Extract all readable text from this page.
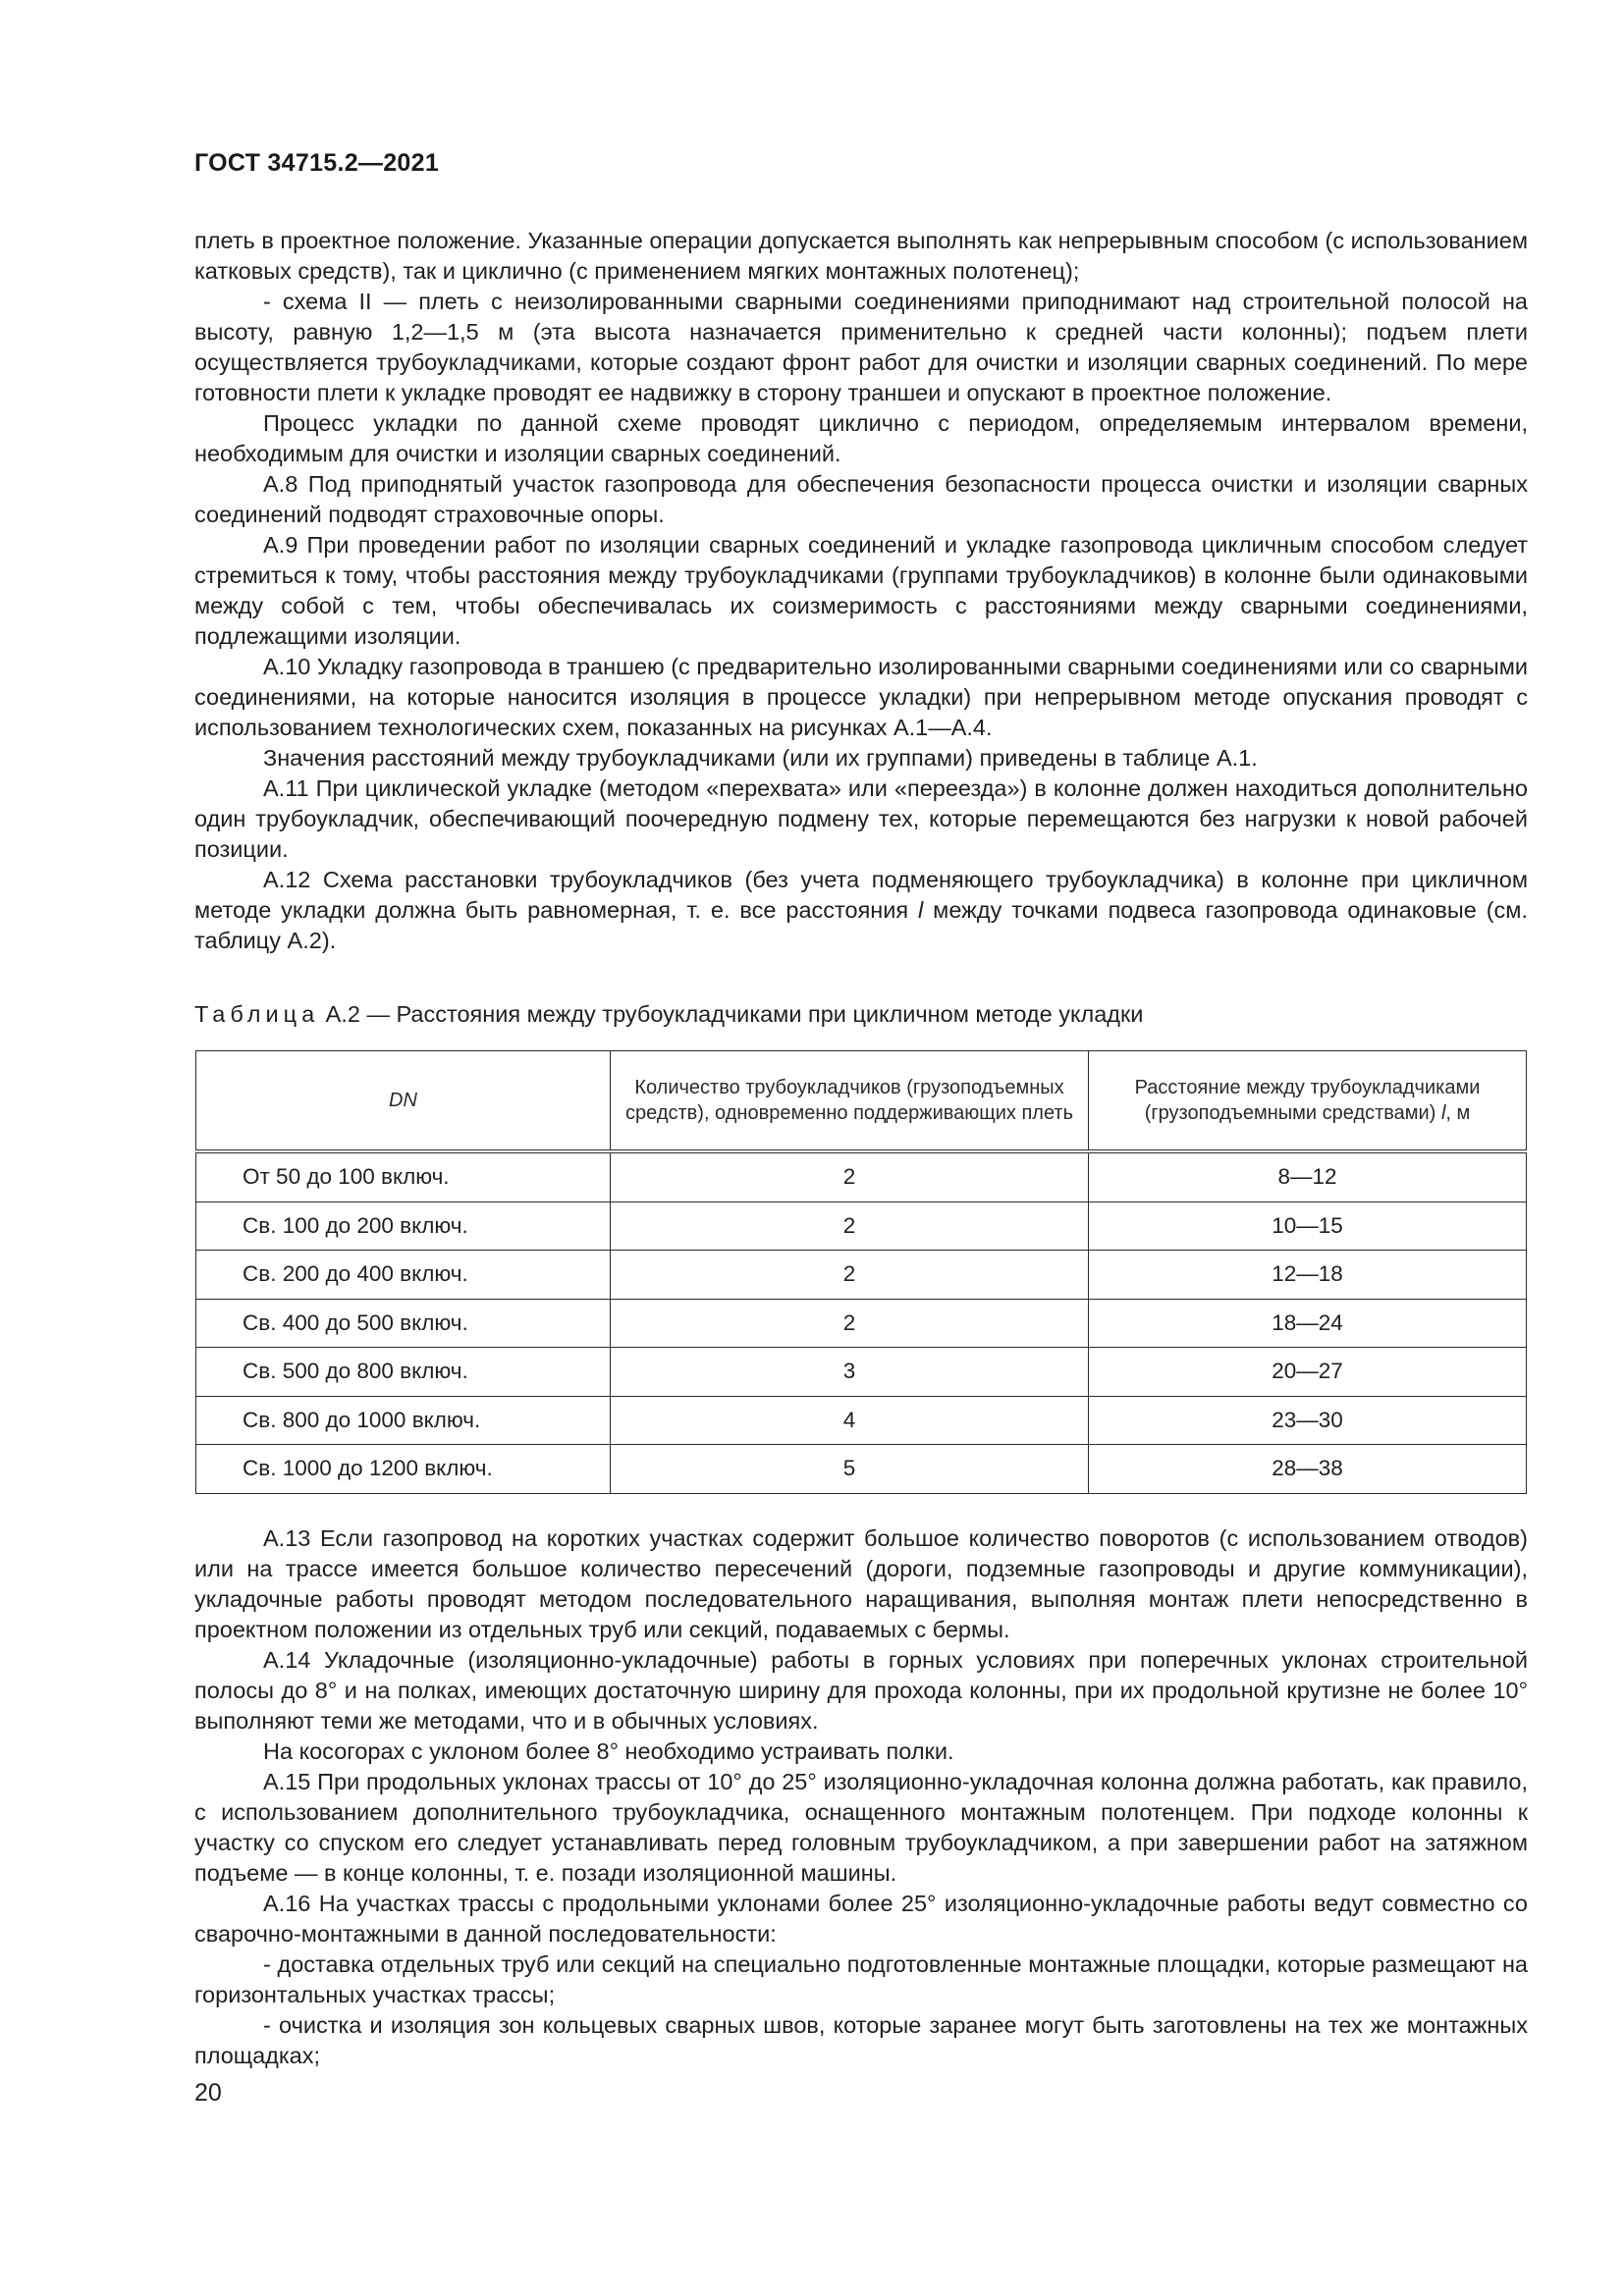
ГОСТ 34715.2—2021

плеть в проектное положение. Указанные операции допускается выполнять как непрерывным способом (с использованием катковых средств), так и циклично (с применением мягких монтажных полотенец);

- схема II — плеть с неизолированными сварными соединениями приподнимают над строительной полосой на высоту, равную 1,2—1,5 м (эта высота назначается применительно к средней части колонны); подъем плети осуществляется трубоукладчиками, которые создают фронт работ для очистки и изоляции сварных соединений. По мере готовности плети к укладке проводят ее надвижку в сторону траншеи и опускают в проектное положение.

Процесс укладки по данной схеме проводят циклично с периодом, определяемым интервалом времени, необходимым для очистки и изоляции сварных соединений.

А.8 Под приподнятый участок газопровода для обеспечения безопасности процесса очистки и изоляции сварных соединений подводят страховочные опоры.

А.9 При проведении работ по изоляции сварных соединений и укладке газопровода цикличным способом следует стремиться к тому, чтобы расстояния между трубоукладчиками (группами трубоукладчиков) в колонне были одинаковыми между собой с тем, чтобы обеспечивалась их соизмеримость с расстояниями между сварными соединениями, подлежащими изоляции.

А.10 Укладку газопровода в траншею (с предварительно изолированными сварными соединениями или со сварными соединениями, на которые наносится изоляция в процессе укладки) при непрерывном методе опускания проводят с использованием технологических схем, показанных на рисунках А.1—А.4.

Значения расстояний между трубоукладчиками (или их группами) приведены в таблице А.1.

А.11 При циклической укладке (методом «перехвата» или «переезда») в колонне должен находиться дополнительно один трубоукладчик, обеспечивающий поочередную подмену тех, которые перемещаются без нагрузки к новой рабочей позиции.

А.12 Схема расстановки трубоукладчиков (без учета подменяющего трубоукладчика) в колонне при цикличном методе укладки должна быть равномерная, т. е. все расстояния l между точками подвеса газопровода одинаковые (см. таблицу А.2).

Таблица А.2 — Расстояния между трубоукладчиками при цикличном методе укладки
DN	Количество трубоукладчиков (грузоподъемных средств), одновременно поддерживающих плеть	Расстояние между трубоукладчиками (грузоподъемными средствами) l, м
От 50 до 100 включ.	2	8—12
Св. 100 до 200 включ.	2	10—15
Св. 200 до 400 включ.	2	12—18
Св. 400 до 500 включ.	2	18—24
Св. 500 до 800 включ.	3	20—27
Св. 800 до 1000 включ.	4	23—30
Св. 1000 до 1200 включ.	5	28—38

А.13 Если газопровод на коротких участках содержит большое количество поворотов (с использованием отводов) или на трассе имеется большое количество пересечений (дороги, подземные газопроводы и другие коммуникации), укладочные работы проводят методом последовательного наращивания, выполняя монтаж плети непосредственно в проектном положении из отдельных труб или секций, подаваемых с бермы.

А.14 Укладочные (изоляционно-укладочные) работы в горных условиях при поперечных уклонах строительной полосы до 8° и на полках, имеющих достаточную ширину для прохода колонны, при их продольной крутизне не более 10° выполняют теми же методами, что и в обычных условиях.

На косогорах с уклоном более 8° необходимо устраивать полки.

А.15 При продольных уклонах трассы от 10° до 25° изоляционно-укладочная колонна должна работать, как правило, с использованием дополнительного трубоукладчика, оснащенного монтажным полотенцем. При подходе колонны к участку со спуском его следует устанавливать перед головным трубоукладчиком, а при завершении работ на затяжном подъеме — в конце колонны, т. е. позади изоляционной машины.

А.16 На участках трассы с продольными уклонами более 25° изоляционно-укладочные работы ведут совместно со сварочно-монтажными в данной последовательности:

- доставка отдельных труб или секций на специально подготовленные монтажные площадки, которые размещают на горизонтальных участках трассы;

- очистка и изоляция зон кольцевых сварных швов, которые заранее могут быть заготовлены на тех же монтажных площадках;

20
